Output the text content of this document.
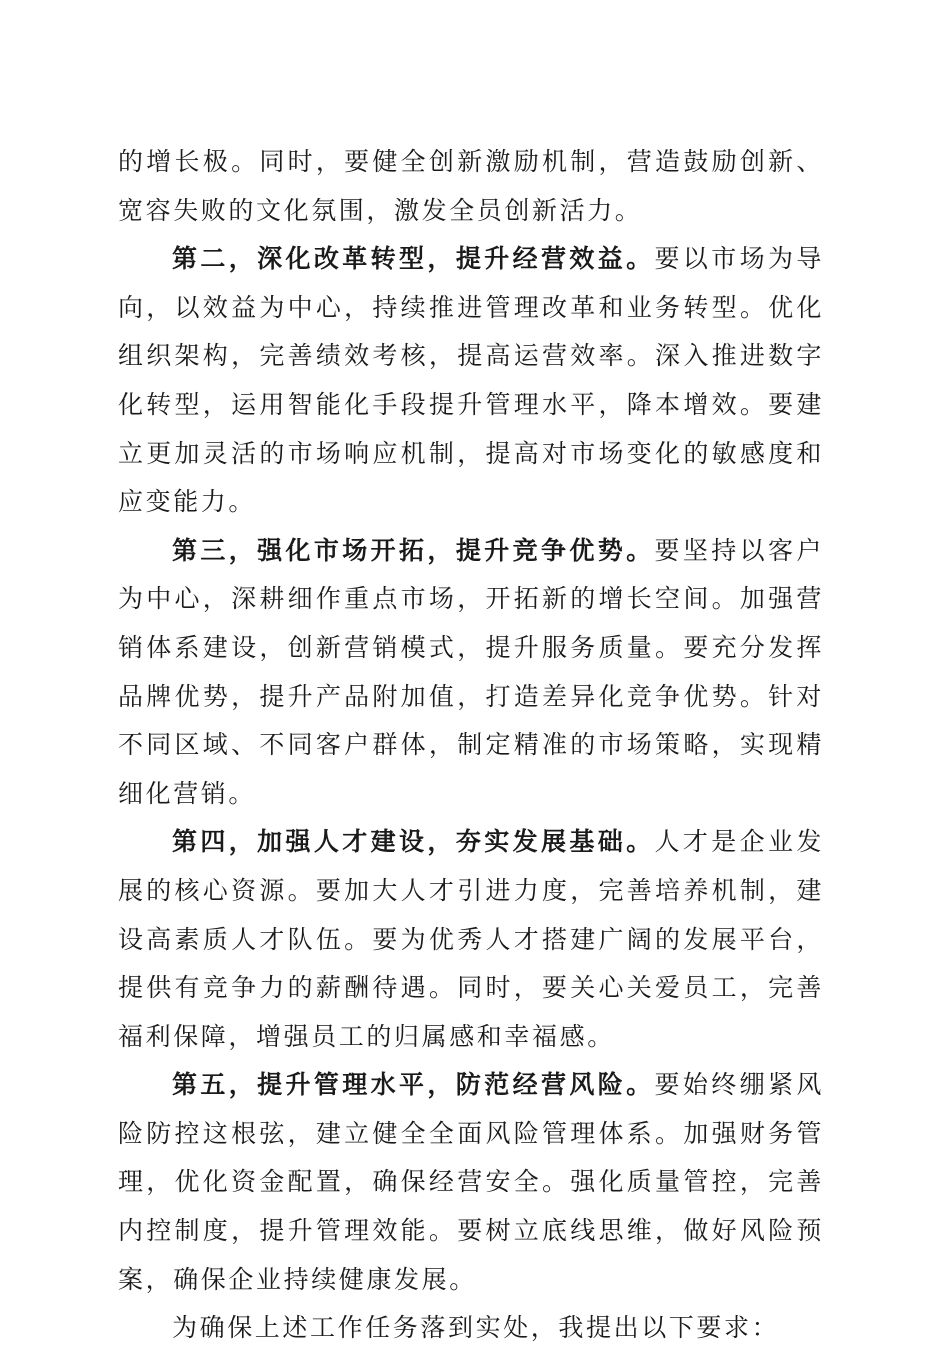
的增长极。同时，要健全创新激励机制，营造鼓励创新、宽容失败的文化氛围，激发全员创新活力。

第二，深化改革转型，提升经营效益。要以市场为导向，以效益为中心，持续推进管理改革和业务转型。优化组织架构，完善绩效考核，提高运营效率。深入推进数字化转型，运用智能化手段提升管理水平，降本增效。要建立更加灵活的市场响应机制，提高对市场变化的敏感度和应变能力。

第三，强化市场开拓，提升竞争优势。要坚持以客户为中心，深耕细作重点市场，开拓新的增长空间。加强营销体系建设，创新营销模式，提升服务质量。要充分发挥品牌优势，提升产品附加值，打造差异化竞争优势。针对不同区域、不同客户群体，制定精准的市场策略，实现精细化营销。

第四，加强人才建设，夯实发展基础。人才是企业发展的核心资源。要加大人才引进力度，完善培养机制，建设高素质人才队伍。要为优秀人才搭建广阔的发展平台，提供有竞争力的薪酬待遇。同时，要关心关爱员工，完善福利保障，增强员工的归属感和幸福感。

第五，提升管理水平，防范经营风险。要始终绷紧风险防控这根弦，建立健全全面风险管理体系。加强财务管理，优化资金配置，确保经营安全。强化质量管控，完善内控制度，提升管理效能。要树立底线思维，做好风险预案，确保企业持续健康发展。

为确保上述工作任务落到实处，我提出以下要求：
